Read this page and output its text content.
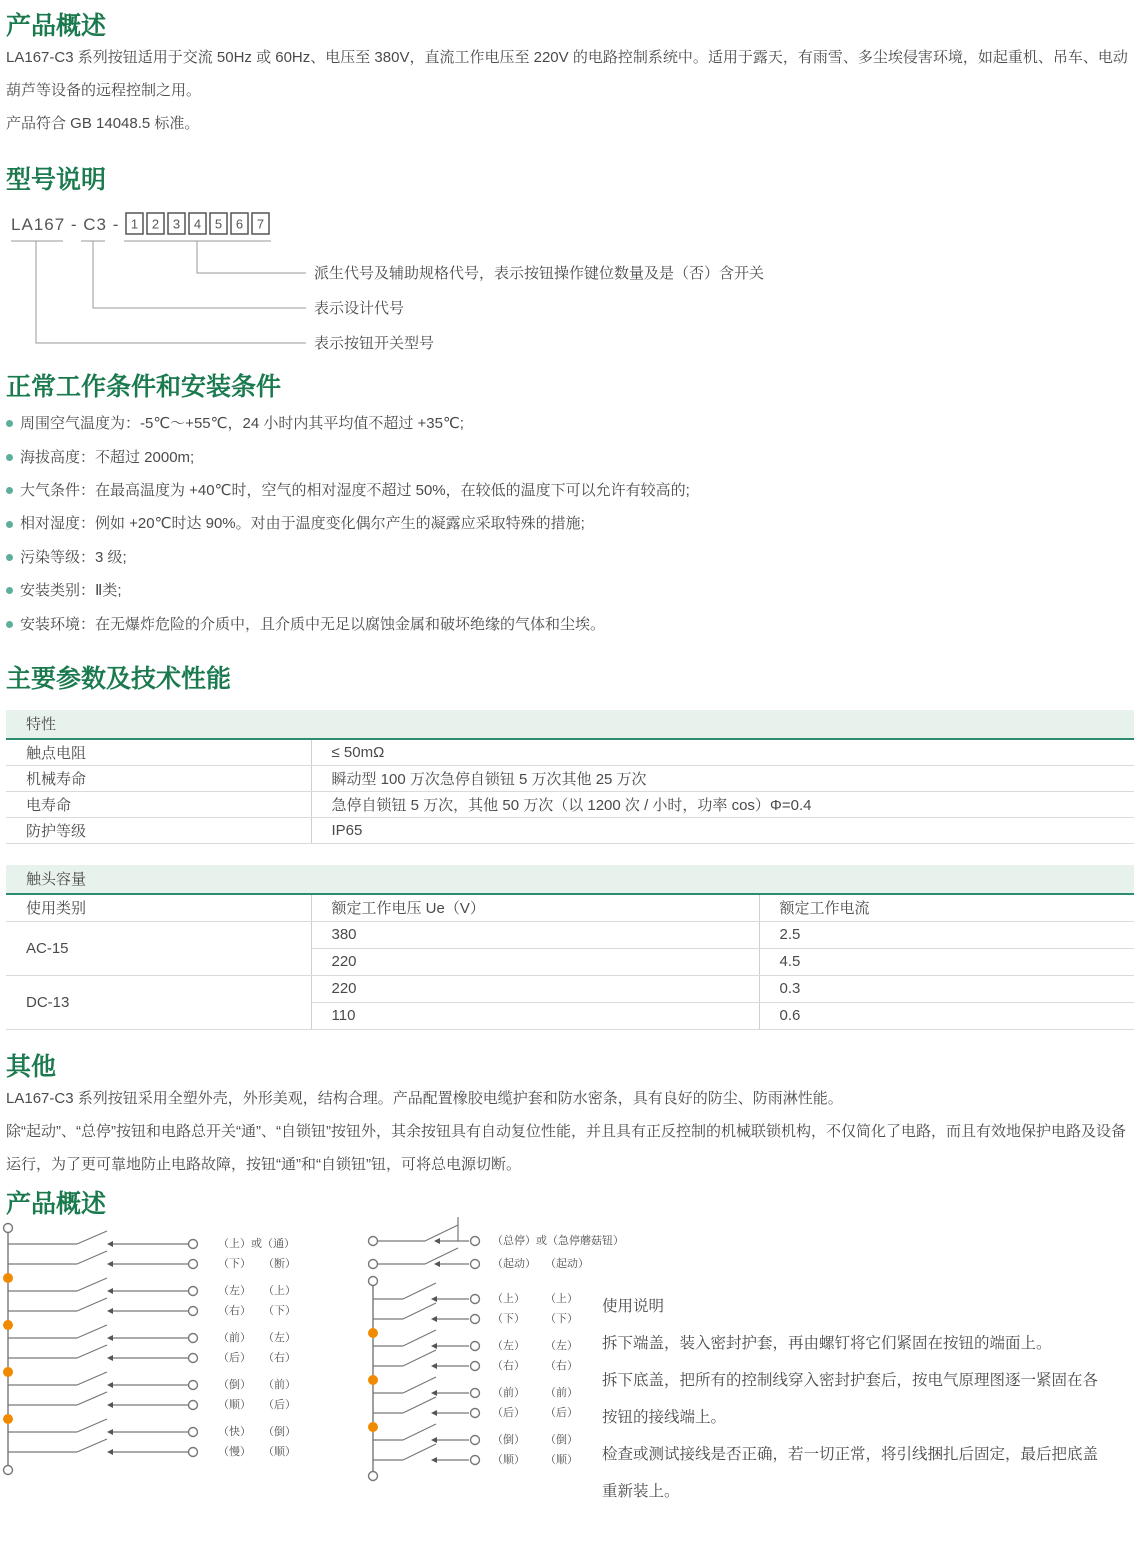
产品概述

LA167-C3 系列按钮适用于交流 50Hz 或 60Hz、电压至 380V，直流工作电压至 220V 的电路控制系统中。适用于露天，有雨雪、多尘埃侵害环境，如起重机、吊车、电动葫芦等设备的远程控制之用。

产品符合 GB 14048.5 标准。

型号说明
LA167 - C3 - 1 2 3 4 5 6 7
派生代号及辅助规格代号，表示按钮操作键位数量及是（否）含开关
表示设计代号
表示按钮开关型号
正常工作条件和安装条件
周围空气温度为：-5℃～+55℃，24 小时内其平均值不超过 +35℃;
海拔高度：不超过 2000m;
大气条件：在最高温度为 +40℃时，空气的相对湿度不超过 50%，在较低的温度下可以允许有较高的;
相对湿度：例如 +20℃时达 90%。对由于温度变化偶尔产生的凝露应采取特殊的措施;
污染等级：3 级;
安装类别：Ⅱ类;
安装环境：在无爆炸危险的介质中，且介质中无足以腐蚀金属和破坏绝缘的气体和尘埃。
主要参数及技术性能
特性
触点电阻	≤ 50mΩ
机械寿命	瞬动型 100 万次急停自锁钮 5 万次其他 25 万次
电寿命	急停自锁钮 5 万次，其他 50 万次（以 1200 次 / 小时，功率 cos）Φ=0.4
防护等级	IP65
触头容量
使用类别	额定工作电压 Ue（V）	额定工作电流
AC-15	380	2.5
	220	4.5
DC-13	220	0.3
	110	0.6
其他

LA167-C3 系列按钮采用全塑外壳，外形美观，结构合理。产品配置橡胶电缆护套和防水密条，具有良好的防尘、防雨淋性能。

除“起动”、“总停”按钮和电路总开关“通”、“自锁钮”按钮外，其余按钮具有自动复位性能，并且具有正反控制的机械联锁机构，不仅简化了电路，而且有效地保护电路及设备运行，为了更可靠地防止电路故障，按钮“通”和“自锁钮”钮，可将总电源切断。

产品概述
（上）或（通）
（下） （断）
（左） （上）
（右） （下）
（前） （左）
（后） （右）
（倒） （前）
（顺） （后）
（快） （倒）
（慢） （顺）
（总停）或（急停蘑菇钮）
（起动） （起动）
（上） （上）
（下） （下）
（左） （左）
（右） （右）
（前） （前）
（后） （后）
（倒） （倒）
（顺） （顺）
使用说明

拆下端盖，装入密封护套，再由螺钉将它们紧固在按钮的端面上。

拆下底盖，把所有的控制线穿入密封护套后，按电气原理图逐一紧固在各

按钮的接线端上。

检查或测试接线是否正确，若一切正常，将引线捆扎后固定，最后把底盖

重新装上。
